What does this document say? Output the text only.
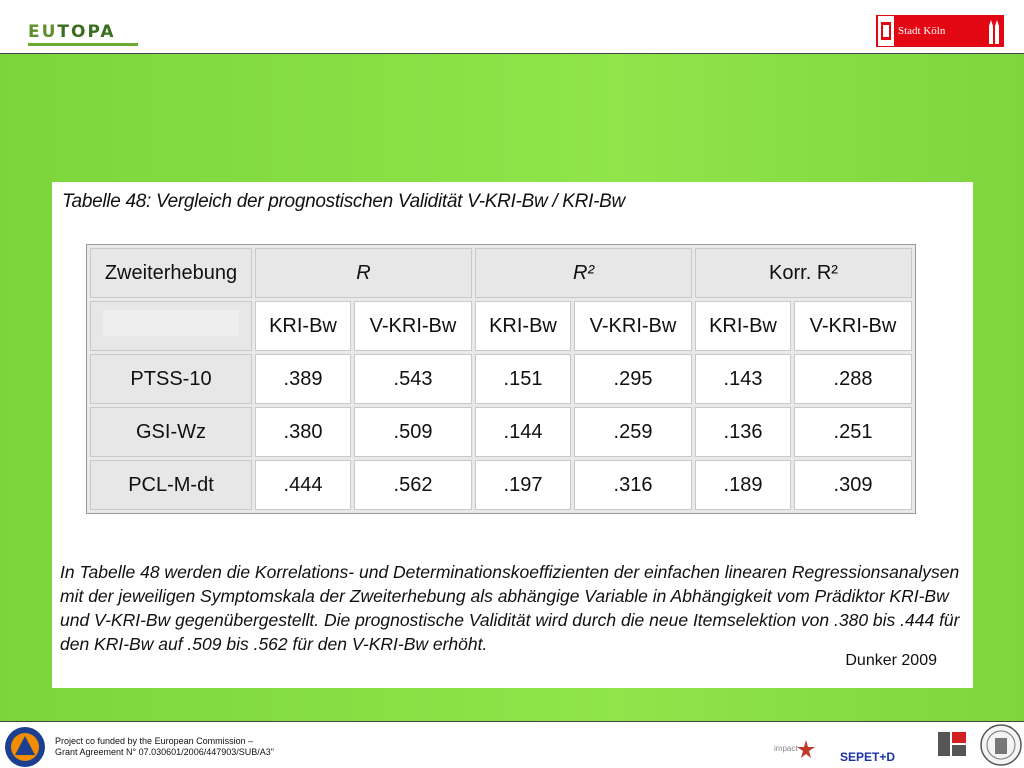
EU TOPA	Stadt Köln
Tabelle 48: Vergleich der prognostischen Validität V-KRI-Bw / KRI-Bw
Zweiterhebung	R		R²		Korr. R²	
	KRI-Bw	V-KRI-Bw	KRI-Bw	V-KRI-Bw	KRI-Bw	V-KRI-Bw
PTSS-10	.389	.543	.151	.295	.143	.288
GSI-Wz	.380	.509	.144	.259	.136	.251
PCL-M-dt	.444	.562	.197	.316	.189	.309
In Tabelle 48 werden die Korrelations- und Determinationskoeffizienten der einfachen linearen Regressionsanalysen mit der jeweiligen Symptomskala der Zweiterhebung als abhängige Variable in Abhängigkeit vom Prädiktor KRI-Bw und V-KRI-Bw gegenübergestellt. Die prognostische Validität wird durch die neue Itemselektion von .380 bis .444 für den KRI-Bw auf .509 bis .562 für den V-KRI-Bw erhöht.
Dunker 2009
Project co funded by the European Commission –
Grant Agreement N° 07.030601/2006/447903/SUB/A3"	impact
SEPET+D
